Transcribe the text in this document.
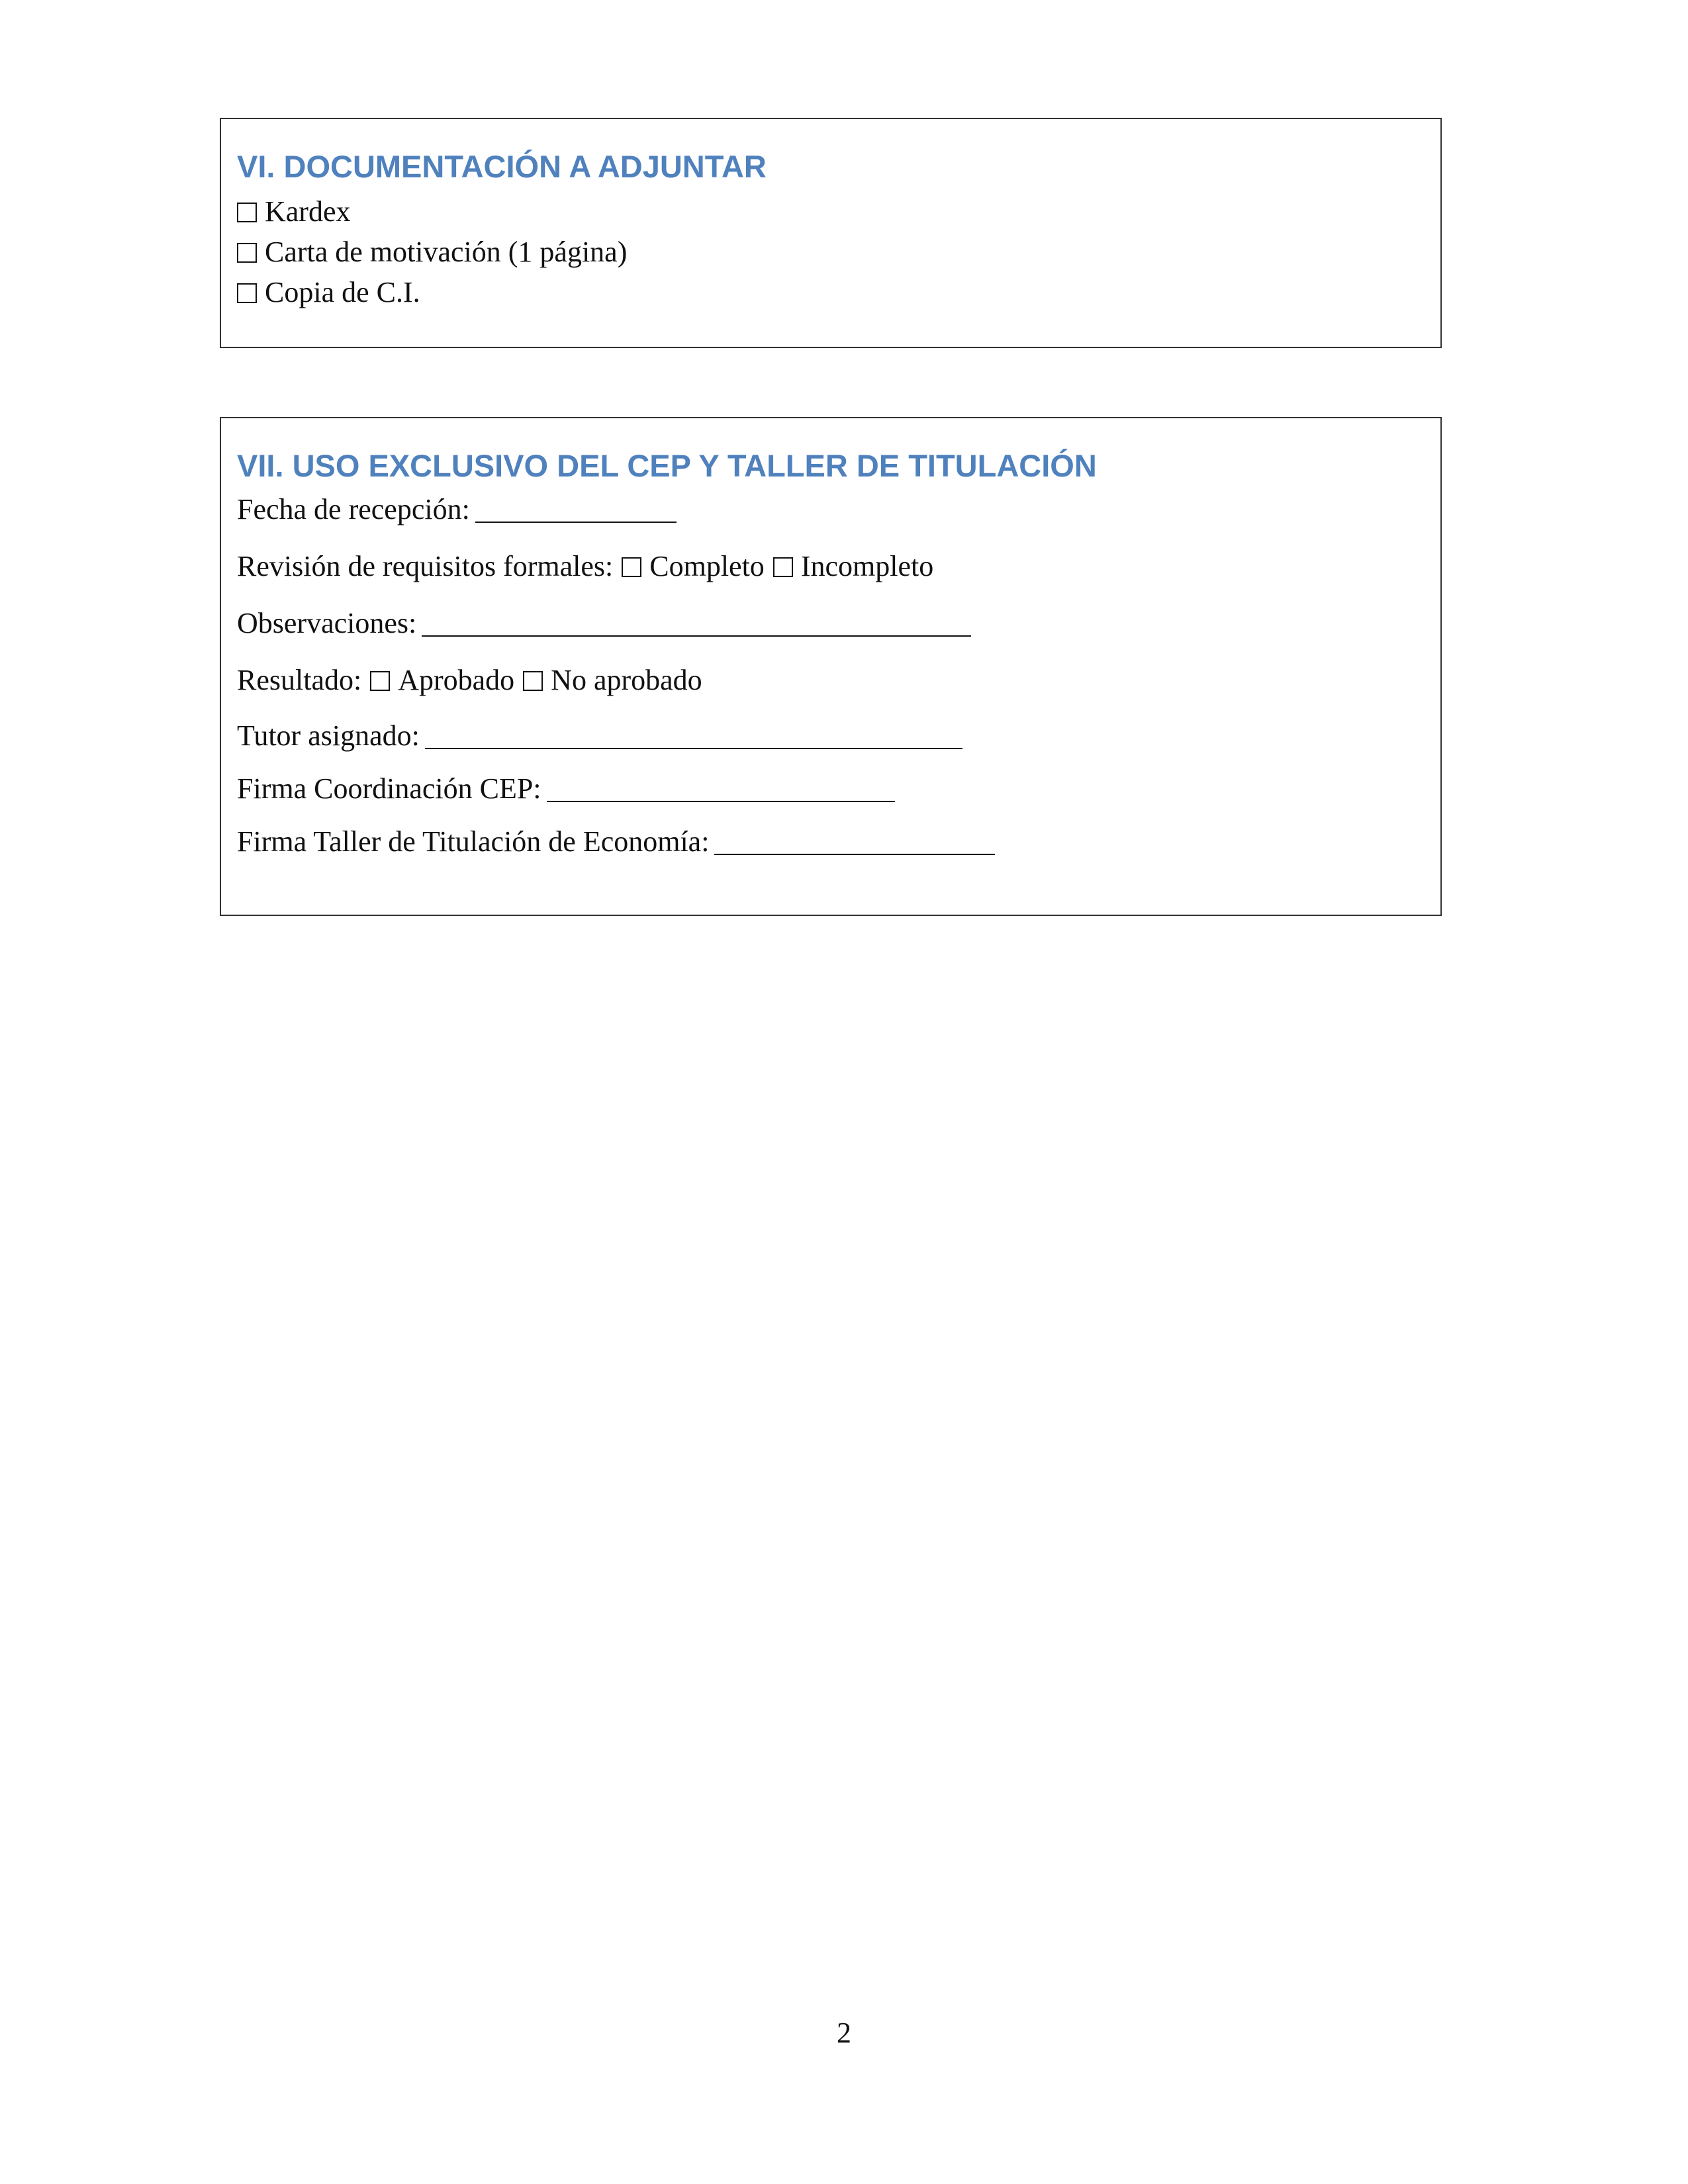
VI. DOCUMENTACIÓN A ADJUNTAR
Kardex
Carta de motivación (1 página)
Copia de C.I.
VII. USO EXCLUSIVO DEL CEP Y TALLER DE TITULACIÓN
Fecha de recepción:
Revisión de requisitos formales: Completo Incompleto
Observaciones:
Resultado: Aprobado No aprobado
Tutor asignado:
Firma Coordinación CEP:
Firma Taller de Titulación de Economía:
2
